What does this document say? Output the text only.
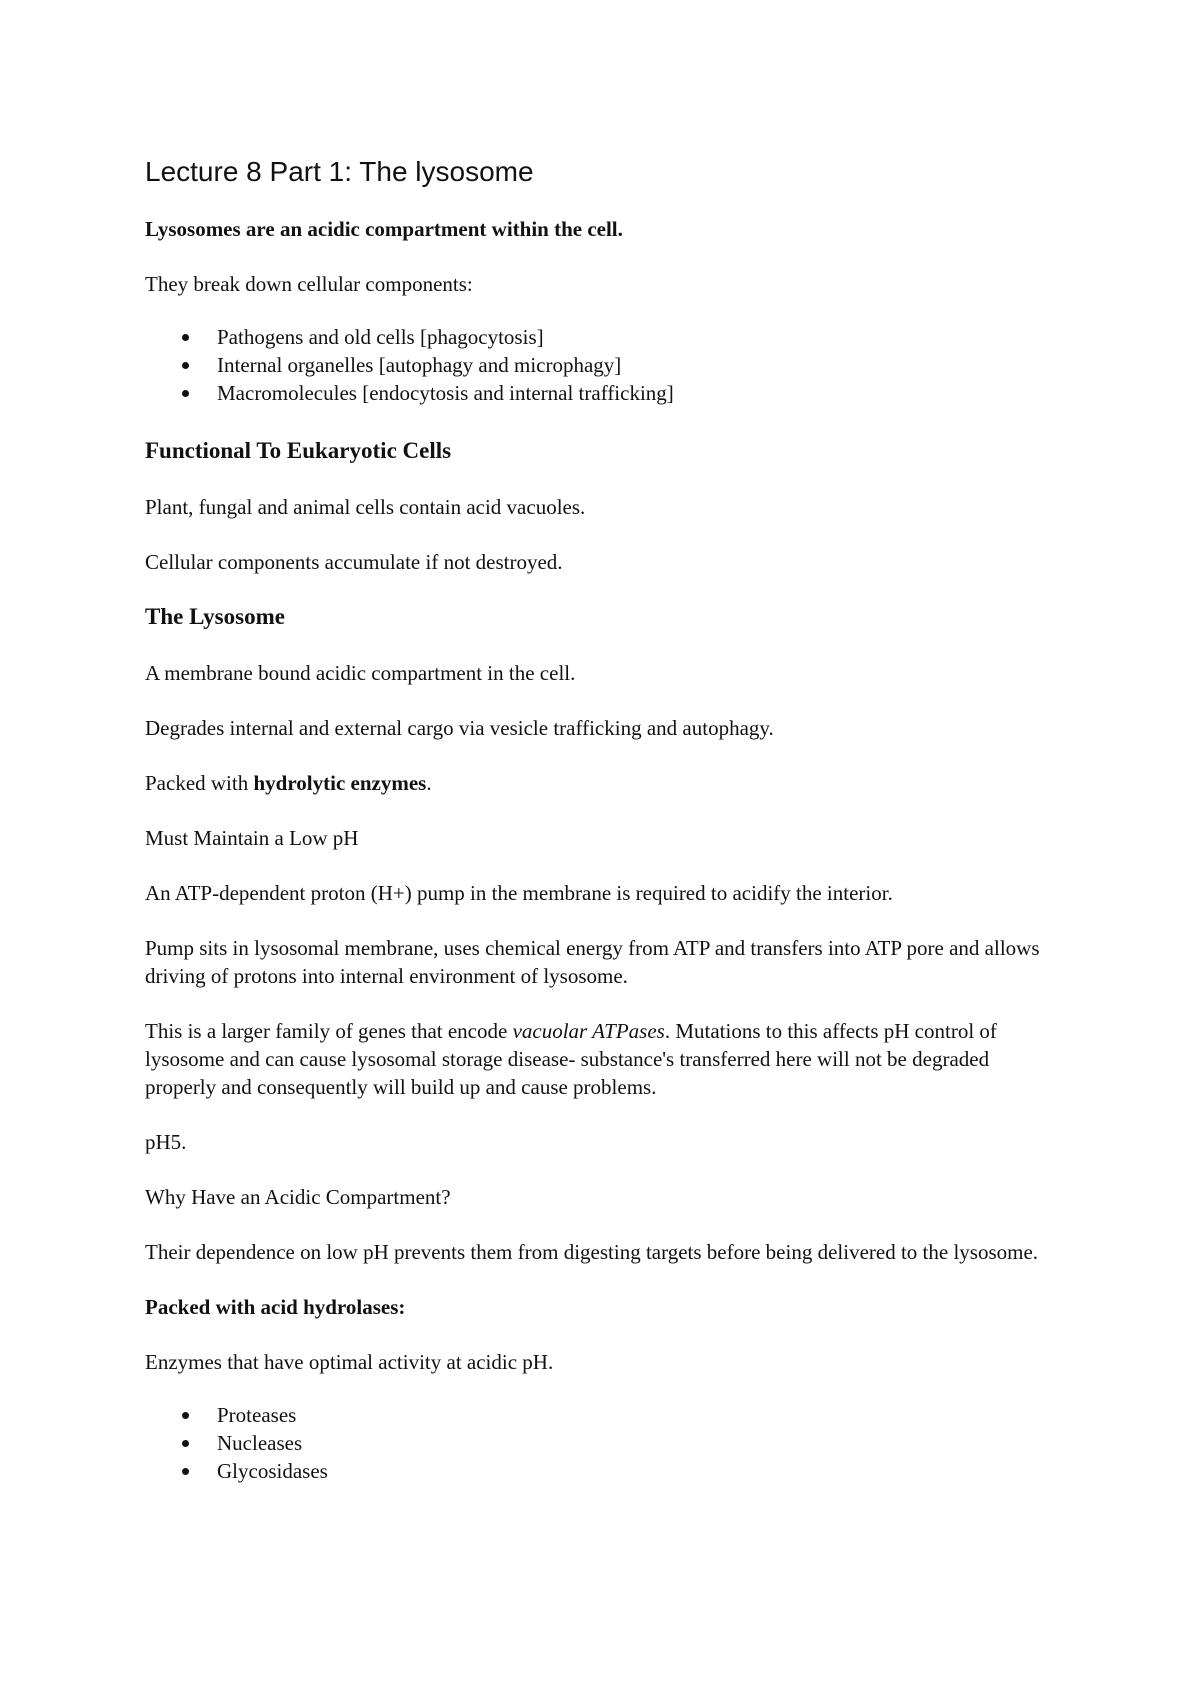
Lecture 8 Part 1: The lysosome

Lysosomes are an acidic compartment within the cell.

They break down cellular components:

Pathogens and old cells [phagocytosis]
Internal organelles [autophagy and microphagy]
Macromolecules [endocytosis and internal trafficking]
Functional To Eukaryotic Cells

Plant, fungal and animal cells contain acid vacuoles.

Cellular components accumulate if not destroyed.

The Lysosome

A membrane bound acidic compartment in the cell.

Degrades internal and external cargo via vesicle trafficking and autophagy.

Packed with hydrolytic enzymes.

Must Maintain a Low pH

An ATP-dependent proton (H+) pump in the membrane is required to acidify the interior.

Pump sits in lysosomal membrane, uses chemical energy from ATP and transfers into ATP pore and allows driving of protons into internal environment of lysosome.

This is a larger family of genes that encode vacuolar ATPases. Mutations to this affects pH control of lysosome and can cause lysosomal storage disease- substance's transferred here will not be degraded properly and consequently will build up and cause problems.

pH5.

Why Have an Acidic Compartment?

Their dependence on low pH prevents them from digesting targets before being delivered to the lysosome.

Packed with acid hydrolases:

Enzymes that have optimal activity at acidic pH.

Proteases
Nucleases
Glycosidases
